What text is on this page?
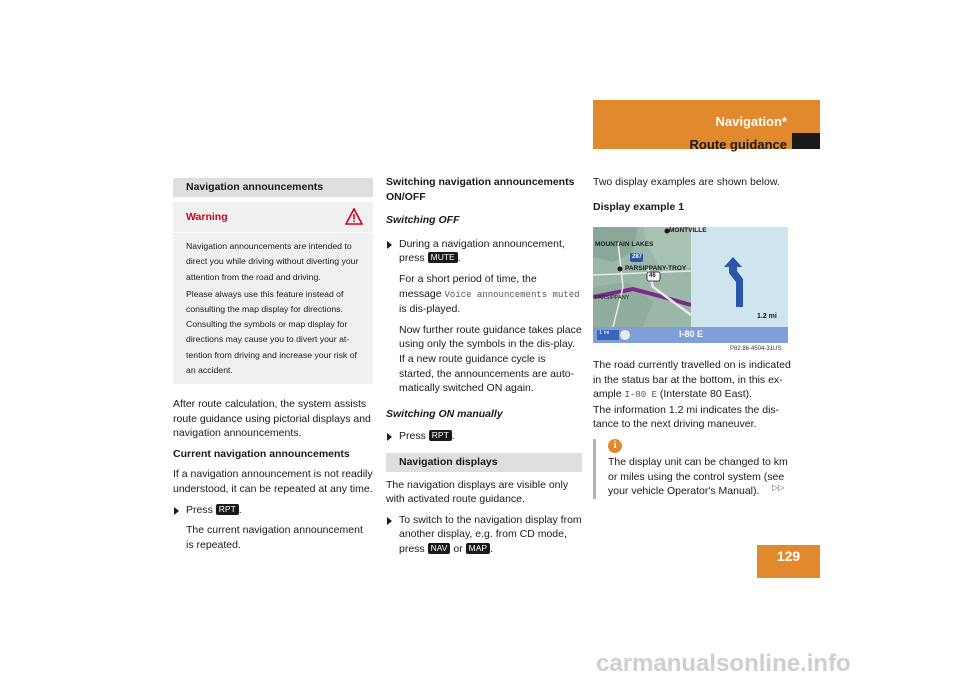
Navigation*
Route guidance
Navigation announcements
Warning

Navigation announcements are intended to direct you while driving without diverting your attention from the road and driving.

Please always use this feature instead of consulting the map display for directions. Consulting the symbols or map display for directions may cause you to divert your at-tention from driving and increase your risk of an accident.

After route calculation, the system assists route guidance using pictorial displays and navigation announcements.

Current navigation announcements

If a navigation announcement is not readily understood, it can be repeated at any time.

Press RPT .

The current navigation announcement is repeated.

Switching navigation announcements ON/OFF

Switching OFF

During a navigation announcement, press MUTE .

For a short period of time, the message Voice announcements muted is dis-played.

Now further route guidance takes place using only the symbols in the dis-play. If a new route guidance cycle is started, the announcements are auto-matically switched ON again.

Switching ON manually

Press RPT .

Navigation displays

The navigation displays are visible only with activated route guidance.

To switch to the navigation display from another display, e.g. from CD mode, press NAV or MAP .

Two display examples are shown below.

Display example 1

MONTVILLE
MOUNTAIN LAKES
PARSIPPANY-TROY
PARSIPPANY
287
46
1.2 mi
1 mi	I-80 E
P82.86-4504-31US

The road currently travelled on is indicated in the status bar at the bottom, in this ex-ample I-80 E (Interstate 80 East).

The information 1.2 mi indicates the dis-tance to the next driving maneuver.

i

The display unit can be changed to km or miles using the control system (see your vehicle Operator's Manual).	▷▷
129
carmanualsonline.info
